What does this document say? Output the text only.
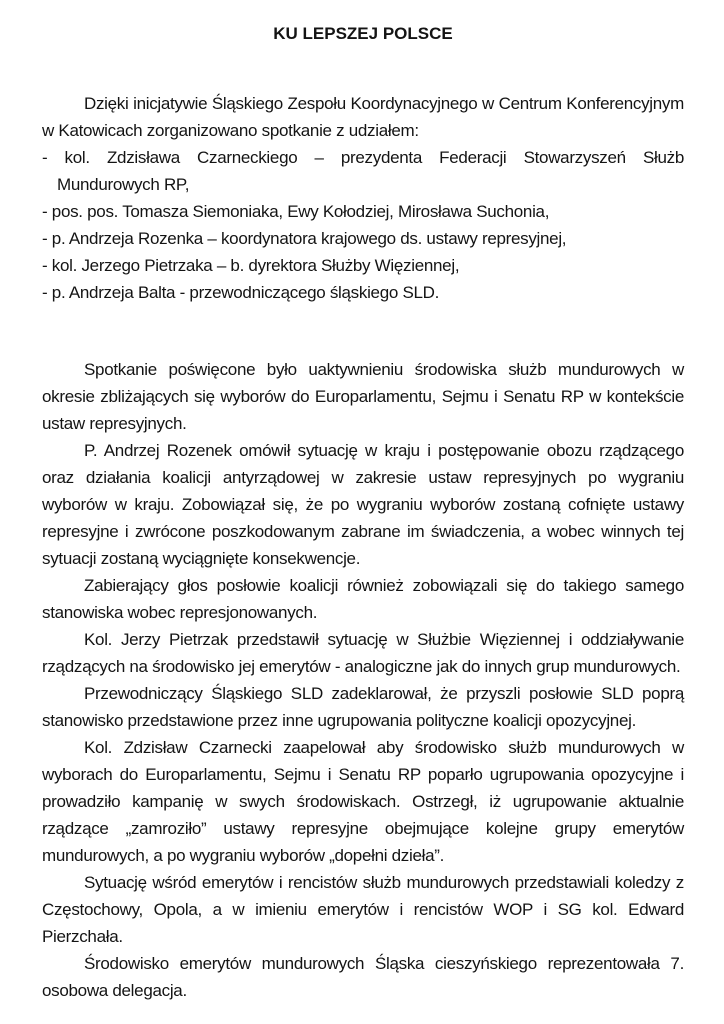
KU LEPSZEJ POLSCE

Dzięki inicjatywie Śląskiego Zespołu Koordynacyjnego w Centrum Konferencyjnym w Katowicach zorganizowano spotkanie z udziałem:

- kol. Zdzisława Czarneckiego – prezydenta Federacji Stowarzyszeń Służb Mundurowych RP,

- pos. pos. Tomasza Siemoniaka, Ewy Kołodziej, Mirosława Suchonia,

- p. Andrzeja Rozenka – koordynatora krajowego ds. ustawy represyjnej,

- kol. Jerzego Pietrzaka – b. dyrektora Służby Więziennej,

- p. Andrzeja Balta - przewodniczącego śląskiego SLD.

Spotkanie poświęcone było uaktywnieniu środowiska służb mundurowych w okresie zbliżających się wyborów do Europarlamentu, Sejmu i Senatu RP w kontekście ustaw represyjnych.

P. Andrzej Rozenek omówił sytuację w kraju i postępowanie obozu rządzącego oraz działania koalicji antyrządowej w zakresie ustaw represyjnych po wygraniu wyborów w kraju. Zobowiązał się, że po wygraniu wyborów zostaną cofnięte ustawy represyjne i zwrócone poszkodowanym zabrane im świadczenia, a wobec winnych tej sytuacji zostaną wyciągnięte konsekwencje.

Zabierający głos posłowie koalicji również zobowiązali się do takiego samego stanowiska wobec represjonowanych.

Kol. Jerzy Pietrzak przedstawił sytuację w Służbie Więziennej i oddziaływanie rządzących na środowisko jej emerytów - analogiczne jak do innych grup mundurowych.

Przewodniczący Śląskiego SLD zadeklarował, że przyszli posłowie SLD poprą stanowisko przedstawione przez inne ugrupowania polityczne koalicji opozycyjnej.

Kol. Zdzisław Czarnecki zaapelował aby środowisko służb mundurowych w wyborach do Europarlamentu, Sejmu i Senatu RP poparło ugrupowania opozycyjne i prowadziło kampanię w swych środowiskach. Ostrzegł, iż ugrupowanie aktualnie rządzące „zamroziło” ustawy represyjne obejmujące kolejne grupy emerytów mundurowych, a po wygraniu wyborów „dopełni dzieła”.

Sytuację wśród emerytów i rencistów służb mundurowych przedstawiali koledzy z Częstochowy, Opola, a w imieniu emerytów i rencistów WOP i SG kol. Edward Pierzchała.

Środowisko emerytów mundurowych Śląska cieszyńskiego reprezentowała 7. osobowa delegacja.
